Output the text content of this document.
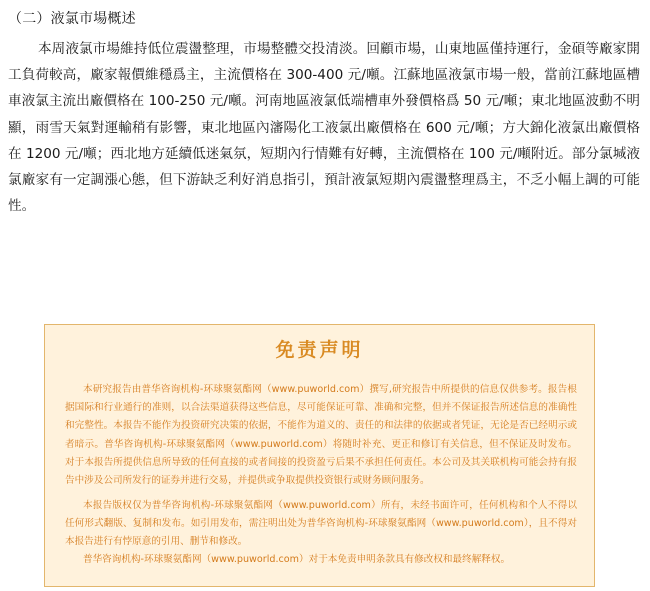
（二）液氯市場概述

本周液氯市場維持低位震盪整理，市場整體交投清淡。回顧市場，山東地區僅持運行，金碩等廠家開工負荷較高，廠家報價維穩爲主，主流價格在 300-400 元/噸。江蘇地區液氯市場一般，當前江蘇地區槽車液氯主流出廠價格在 100-250 元/噸。河南地區液氯低端槽車外發價格爲 50 元/噸；東北地區波動不明顯，雨雪天氣對運輸稍有影響，東北地區內瀋陽化工液氯出廠價格在 600 元/噸；方大錦化液氯出廠價格在 1200 元/噸；西北地方延續低迷氣氛，短期內行情難有好轉，主流價格在 100 元/噸附近。部分氯堿液氯廠家有一定調漲心態，但下游缺乏利好消息指引，預計液氯短期內震盪整理爲主，不乏小幅上調的可能性。

免责声明

本研究报告由普华咨询机构-环球聚氨酯网（www.puworld.com）撰写,研究报告中所提供的信息仅供参考。报告根据国际和行业通行的准则，以合法渠道获得这些信息，尽可能保证可靠、准确和完整，但并不保证报告所述信息的准确性和完整性。本报告不能作为投资研究决策的依据，不能作为道义的、责任的和法律的依据或者凭证，无论是否已经明示或者暗示。普华咨询机构-环球聚氨酯网（www.puworld.com）将随时补充、更正和修订有关信息，但不保证及时发布。对于本报告所提供信息所导致的任何直接的或者间接的投资盈亏后果不承担任何责任。本公司及其关联机构可能会持有报告中涉及公司所发行的证券并进行交易，并提供或争取提供投资银行或财务顾问服务。

本报告版权仅为普华咨询机构-环球聚氨酯网（www.puworld.com）所有，未经书面许可，任何机构和个人不得以任何形式翻版、复制和发布。如引用发布，需注明出处为普华咨询机构-环球聚氨酯网（www.puworld.com），且不得对本报告进行有悖原意的引用、删节和修改。

普华咨询机构-环球聚氨酯网（www.puworld.com）对于本免责申明条款具有修改权和最终解释权。
